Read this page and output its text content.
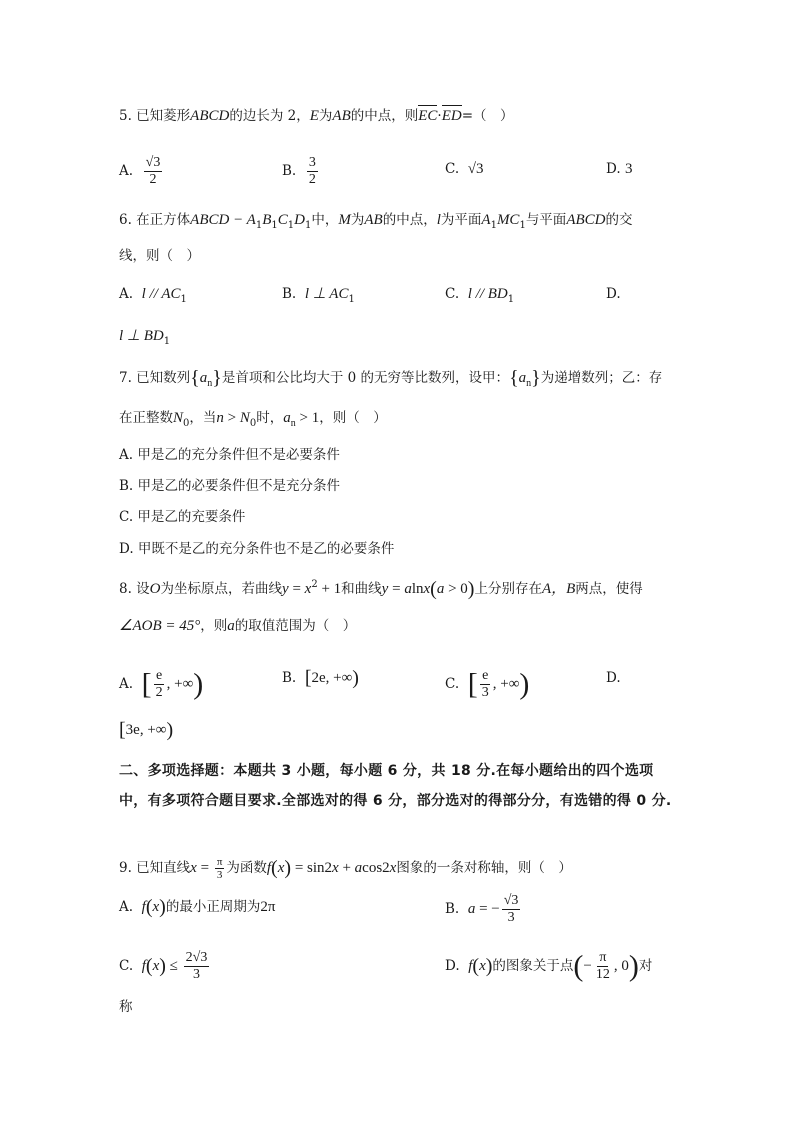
5. 已知菱形ABCD的边长为 2，E为AB的中点，则EC·ED=（　）
A. $\frac{√3}{2}$	B. $\frac{3}{2}$	C. √3	D. 3
6. 在正方体ABCD − $A_1B_1C_1D_1$中，M为AB的中点，l为平面$A_1MC_1$与平面ABCD的交
线，则（　）
A. l // $AC_1$	B. l ⊥ $AC_1$	C. l // $BD_1$	D.
l ⊥ $BD_1$
7. 已知数列$\{a_n\}$是首项和公比均大于 0 的无穷等比数列，设甲：$\{a_n\}$为递增数列；乙：存
在正整数$N_0$，当$n > N_0$时，$a_n > 1$，则（　）
A. 甲是乙的充分条件但不是必要条件
B. 甲是乙的必要条件但不是充分条件
C. 甲是乙的充要条件
D. 甲既不是乙的充分条件也不是乙的必要条件
8. 设O为坐标原点，若曲线$y = x^2 + 1$和曲线y = alnx(a > 0)上分别存在A，B两点，使得
∠AOB = 45°，则a的取值范围为（　）
A. [ $\frac{e}{2}$ , +∞)	B. [2e, +∞)	C. [ $\frac{e}{3}$ , +∞)	D.
[3e, +∞)
二、多项选择题：本题共 3 小题，每小题 6 分，共 18 分.在每小题给出的四个选项中，有多项符合题目要求.全部选对的得 6 分，部分选对的得部分分，有选错的得 0 分.
9. 已知直线$x = \frac{\pi}{3}$ 为函数f(x) = sin2x + acos2x图象的一条对称轴，则（　）
A. f(x)的最小正周期为2π	B. a = − $\frac{√3}{3}$
C. $f(x) \le \frac{2√3}{3}$	D. f(x)的图象关于点(− $\frac{\pi}{12}$ , 0)对
称
